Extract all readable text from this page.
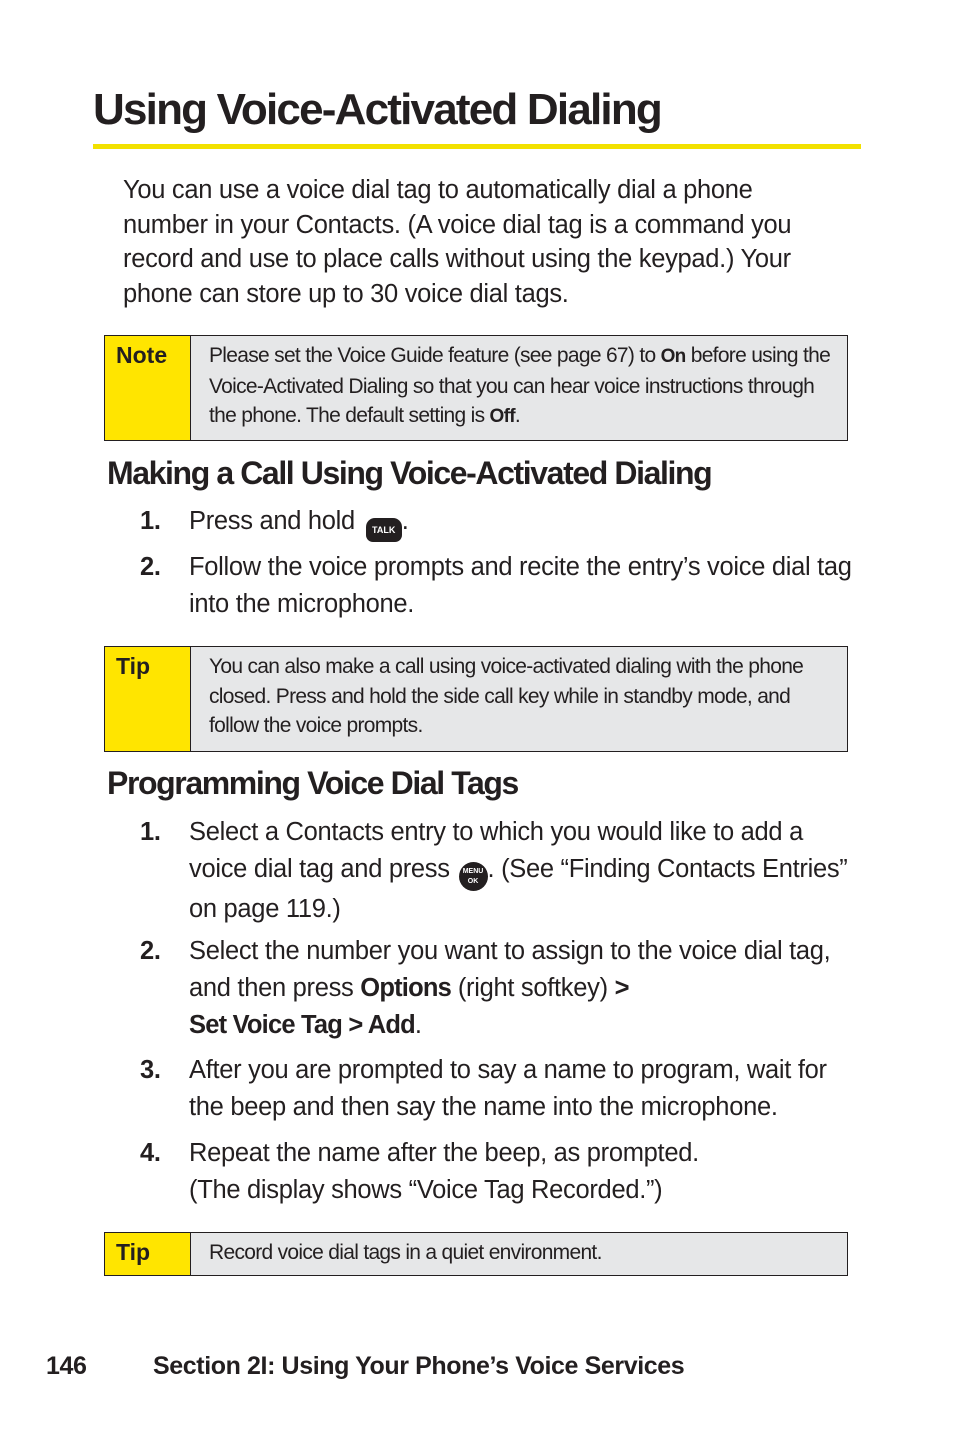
Using Voice-Activated Dialing

You can use a voice dial tag to automatically dial a phone number in your Contacts. (A voice dial tag is a command you record and use to place calls without using the keypad.) Your phone can store up to 30 voice dial tags.

Note	Please set the Voice Guide feature (see page 67) to On before using the Voice-Activated Dialing so that you can hear voice instructions through the phone. The default setting is Off.
Making a Call Using Voice-Activated Dialing
1.	Press and hold TALK .
2.	Follow the voice prompts and recite the entry’s voice dial tag into the microphone.
Tip	You can also make a call using voice-activated dialing with the phone closed. Press and hold the side call key while in standby mode, and follow the voice prompts.
Programming Voice Dial Tags
1.	Select a Contacts entry to which you would like to add a voice dial tag and press MENU
OK . (See “Finding Contacts Entries” on page 119.)
2.	Select the number you want to assign to the voice dial tag, and then press Options (right softkey) >
Set Voice Tag > Add.
3.	After you are prompted to say a name to program, wait for the beep and then say the name into the microphone.
4.	Repeat the name after the beep, as prompted.
(The display shows “Voice Tag Recorded.”)
Tip	Record voice dial tags in a quiet environment.
146	Section 2I: Using Your Phone’s Voice Services
